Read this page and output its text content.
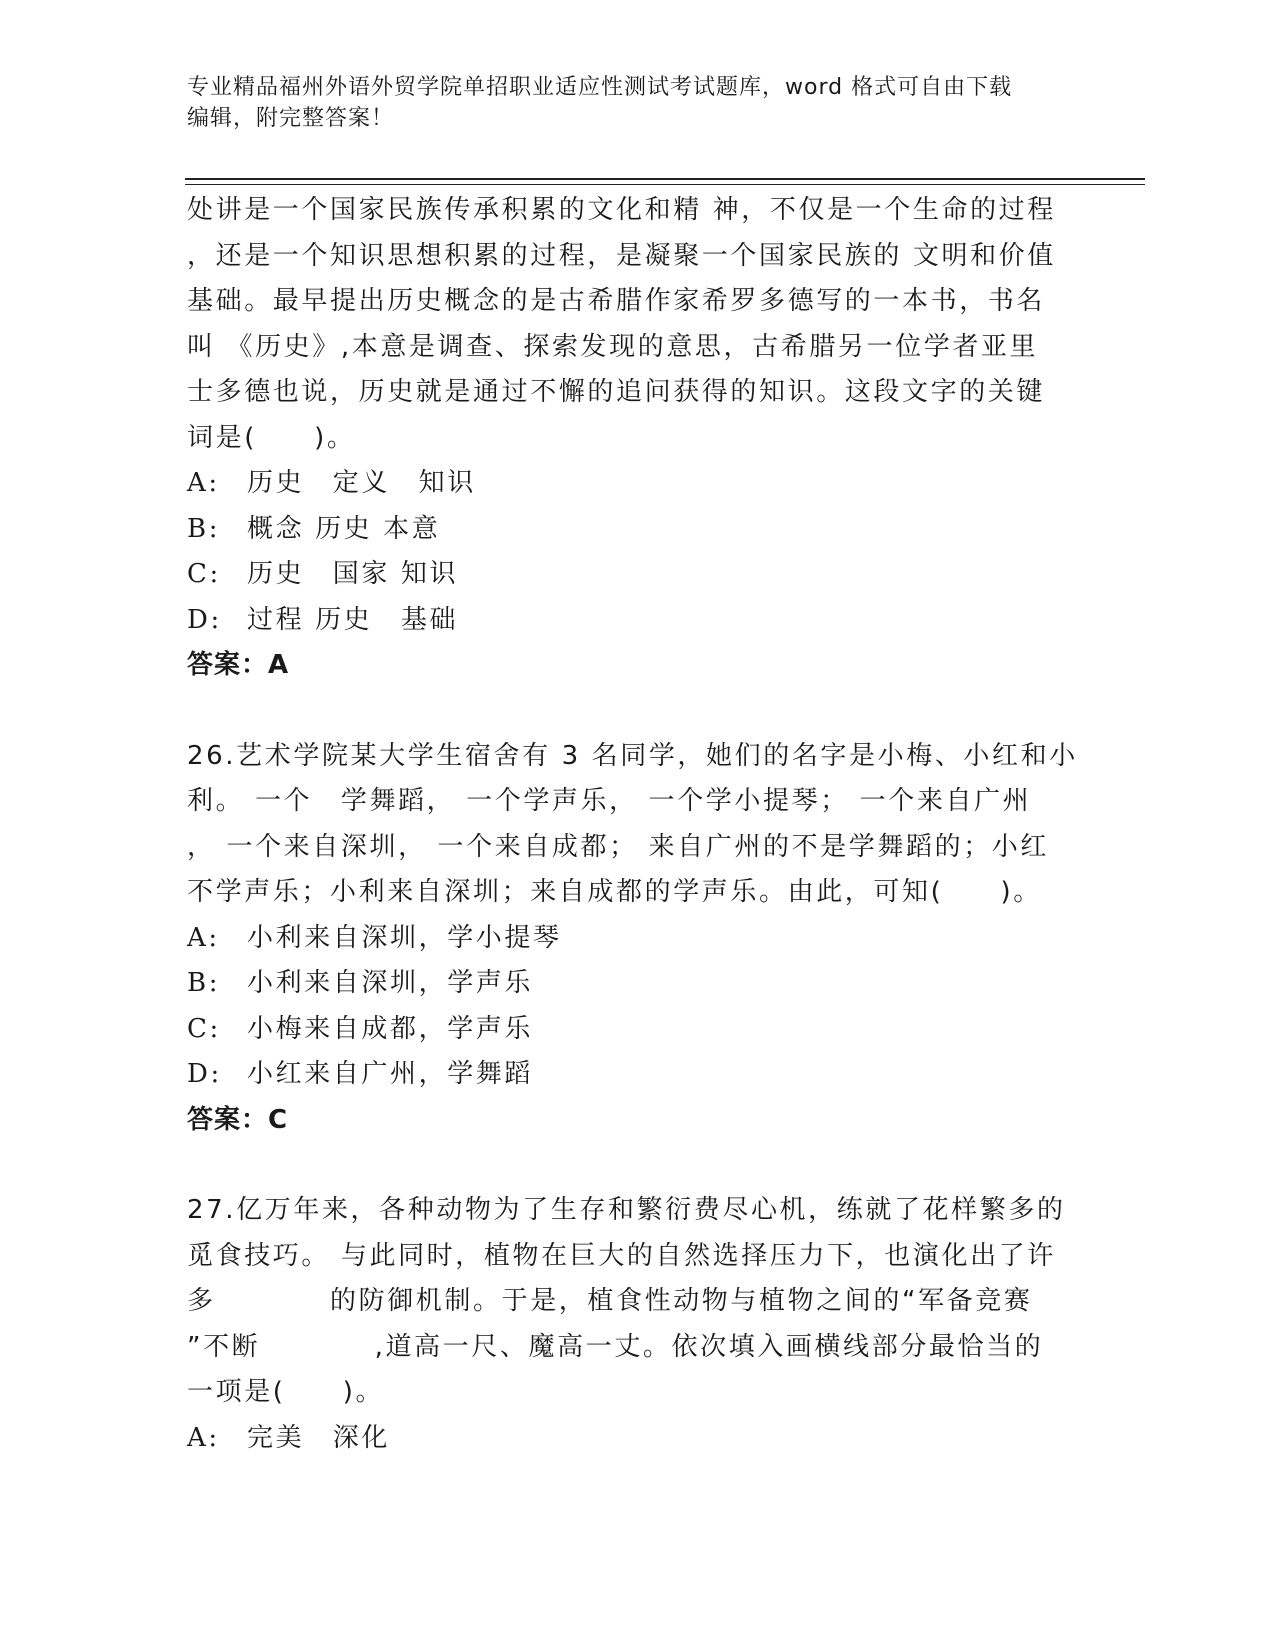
专业精品福州外语外贸学院单招职业适应性测试考试题库，word 格式可自由下载
编辑，附完整答案！
处讲是一个国家民族传承积累的文化和精 神，不仅是一个生命的过程
，还是一个知识思想积累的过程，是凝聚一个国家民族的 文明和价值
基础。最早提出历史概念的是古希腊作家希罗多德写的一本书，书名
叫 《历史》,本意是调查、探索发现的意思，古希腊另一位学者亚里
士多德也说，历史就是通过不懈的追问获得的知识。这段文字的关键
词是(　　)。
A: 历史　定义　知识
B: 概念 历史 本意
C: 历史　国家 知识
D: 过程 历史　基础
答案：A
26.艺术学院某大学生宿舍有 3 名同学，她们的名字是小梅、小红和小
利。 一个　学舞蹈， 一个学声乐， 一个学小提琴； 一个来自广州
， 一个来自深圳， 一个来自成都； 来自广州的不是学舞蹈的；小红
不学声乐；小利来自深圳；来自成都的学声乐。由此，可知(　　)。
A: 小利来自深圳，学小提琴
B: 小利来自深圳，学声乐
C: 小梅来自成都，学声乐
D: 小红来自广州，学舞蹈
答案：C
27.亿万年来，各种动物为了生存和繁衍费尽心机，练就了花样繁多的
觅食技巧。 与此同时，植物在巨大的自然选择压力下，也演化出了许
多　　　　的防御机制。于是，植食性动物与植物之间的“军备竞赛
”不断　　　　,道高一尺、魔高一丈。依次填入画横线部分最恰当的
一项是(　　)。
A: 完美　深化
